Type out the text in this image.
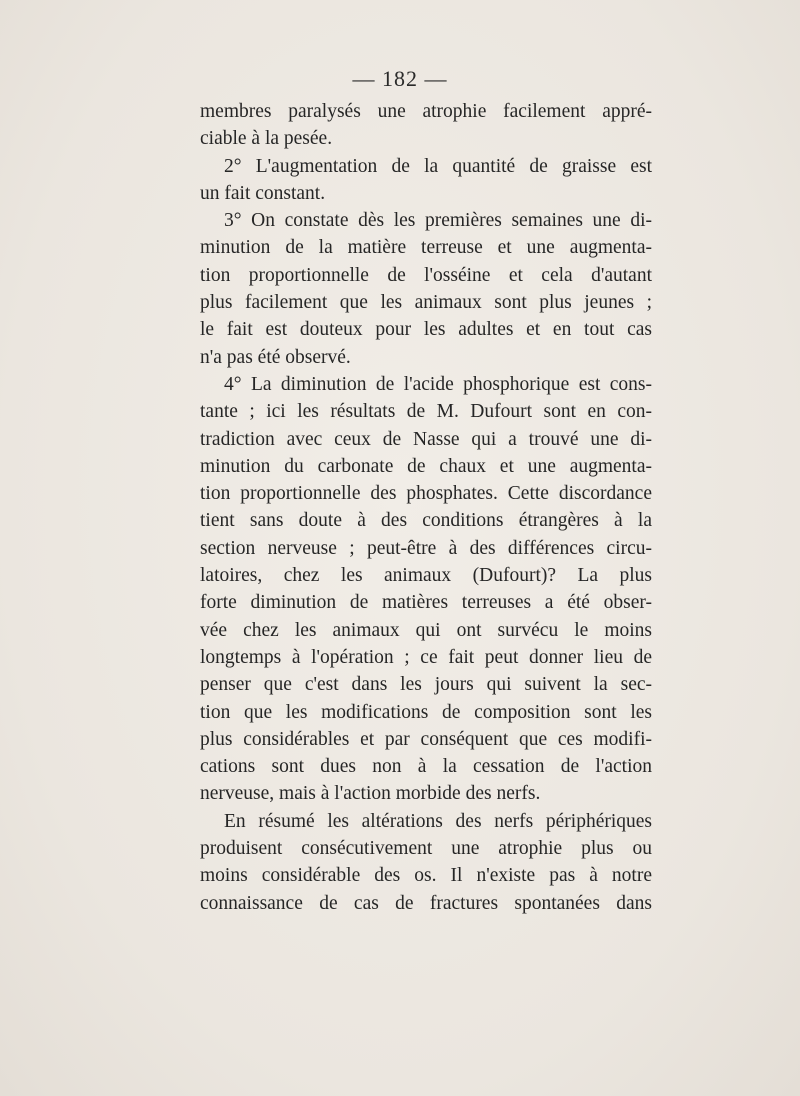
— 182 —
membres paralysés une atrophie facilement appré-
ciable à la pesée.
2° L'augmentation de la quantité de graisse est
un fait constant.
3° On constate dès les premières semaines une di-
minution de la matière terreuse et une augmenta-
tion proportionnelle de l'osséine et cela d'autant
plus facilement que les animaux sont plus jeunes ;
le fait est douteux pour les adultes et en tout cas
n'a pas été observé.
4° La diminution de l'acide phosphorique est cons-
tante ; ici les résultats de M. Dufourt sont en con-
tradiction avec ceux de Nasse qui a trouvé une di-
minution du carbonate de chaux et une augmenta-
tion proportionnelle des phosphates. Cette discordance
tient sans doute à des conditions étrangères à la
section nerveuse ; peut-être à des différences circu-
latoires, chez les animaux (Dufourt)? La plus
forte diminution de matières terreuses a été obser-
vée chez les animaux qui ont survécu le moins
longtemps à l'opération ; ce fait peut donner lieu de
penser que c'est dans les jours qui suivent la sec-
tion que les modifications de composition sont les
plus considérables et par conséquent que ces modifi-
cations sont dues non à la cessation de l'action
nerveuse, mais à l'action morbide des nerfs.
En résumé les altérations des nerfs périphériques
produisent consécutivement une atrophie plus ou
moins considérable des os. Il n'existe pas à notre
connaissance de cas de fractures spontanées dans
